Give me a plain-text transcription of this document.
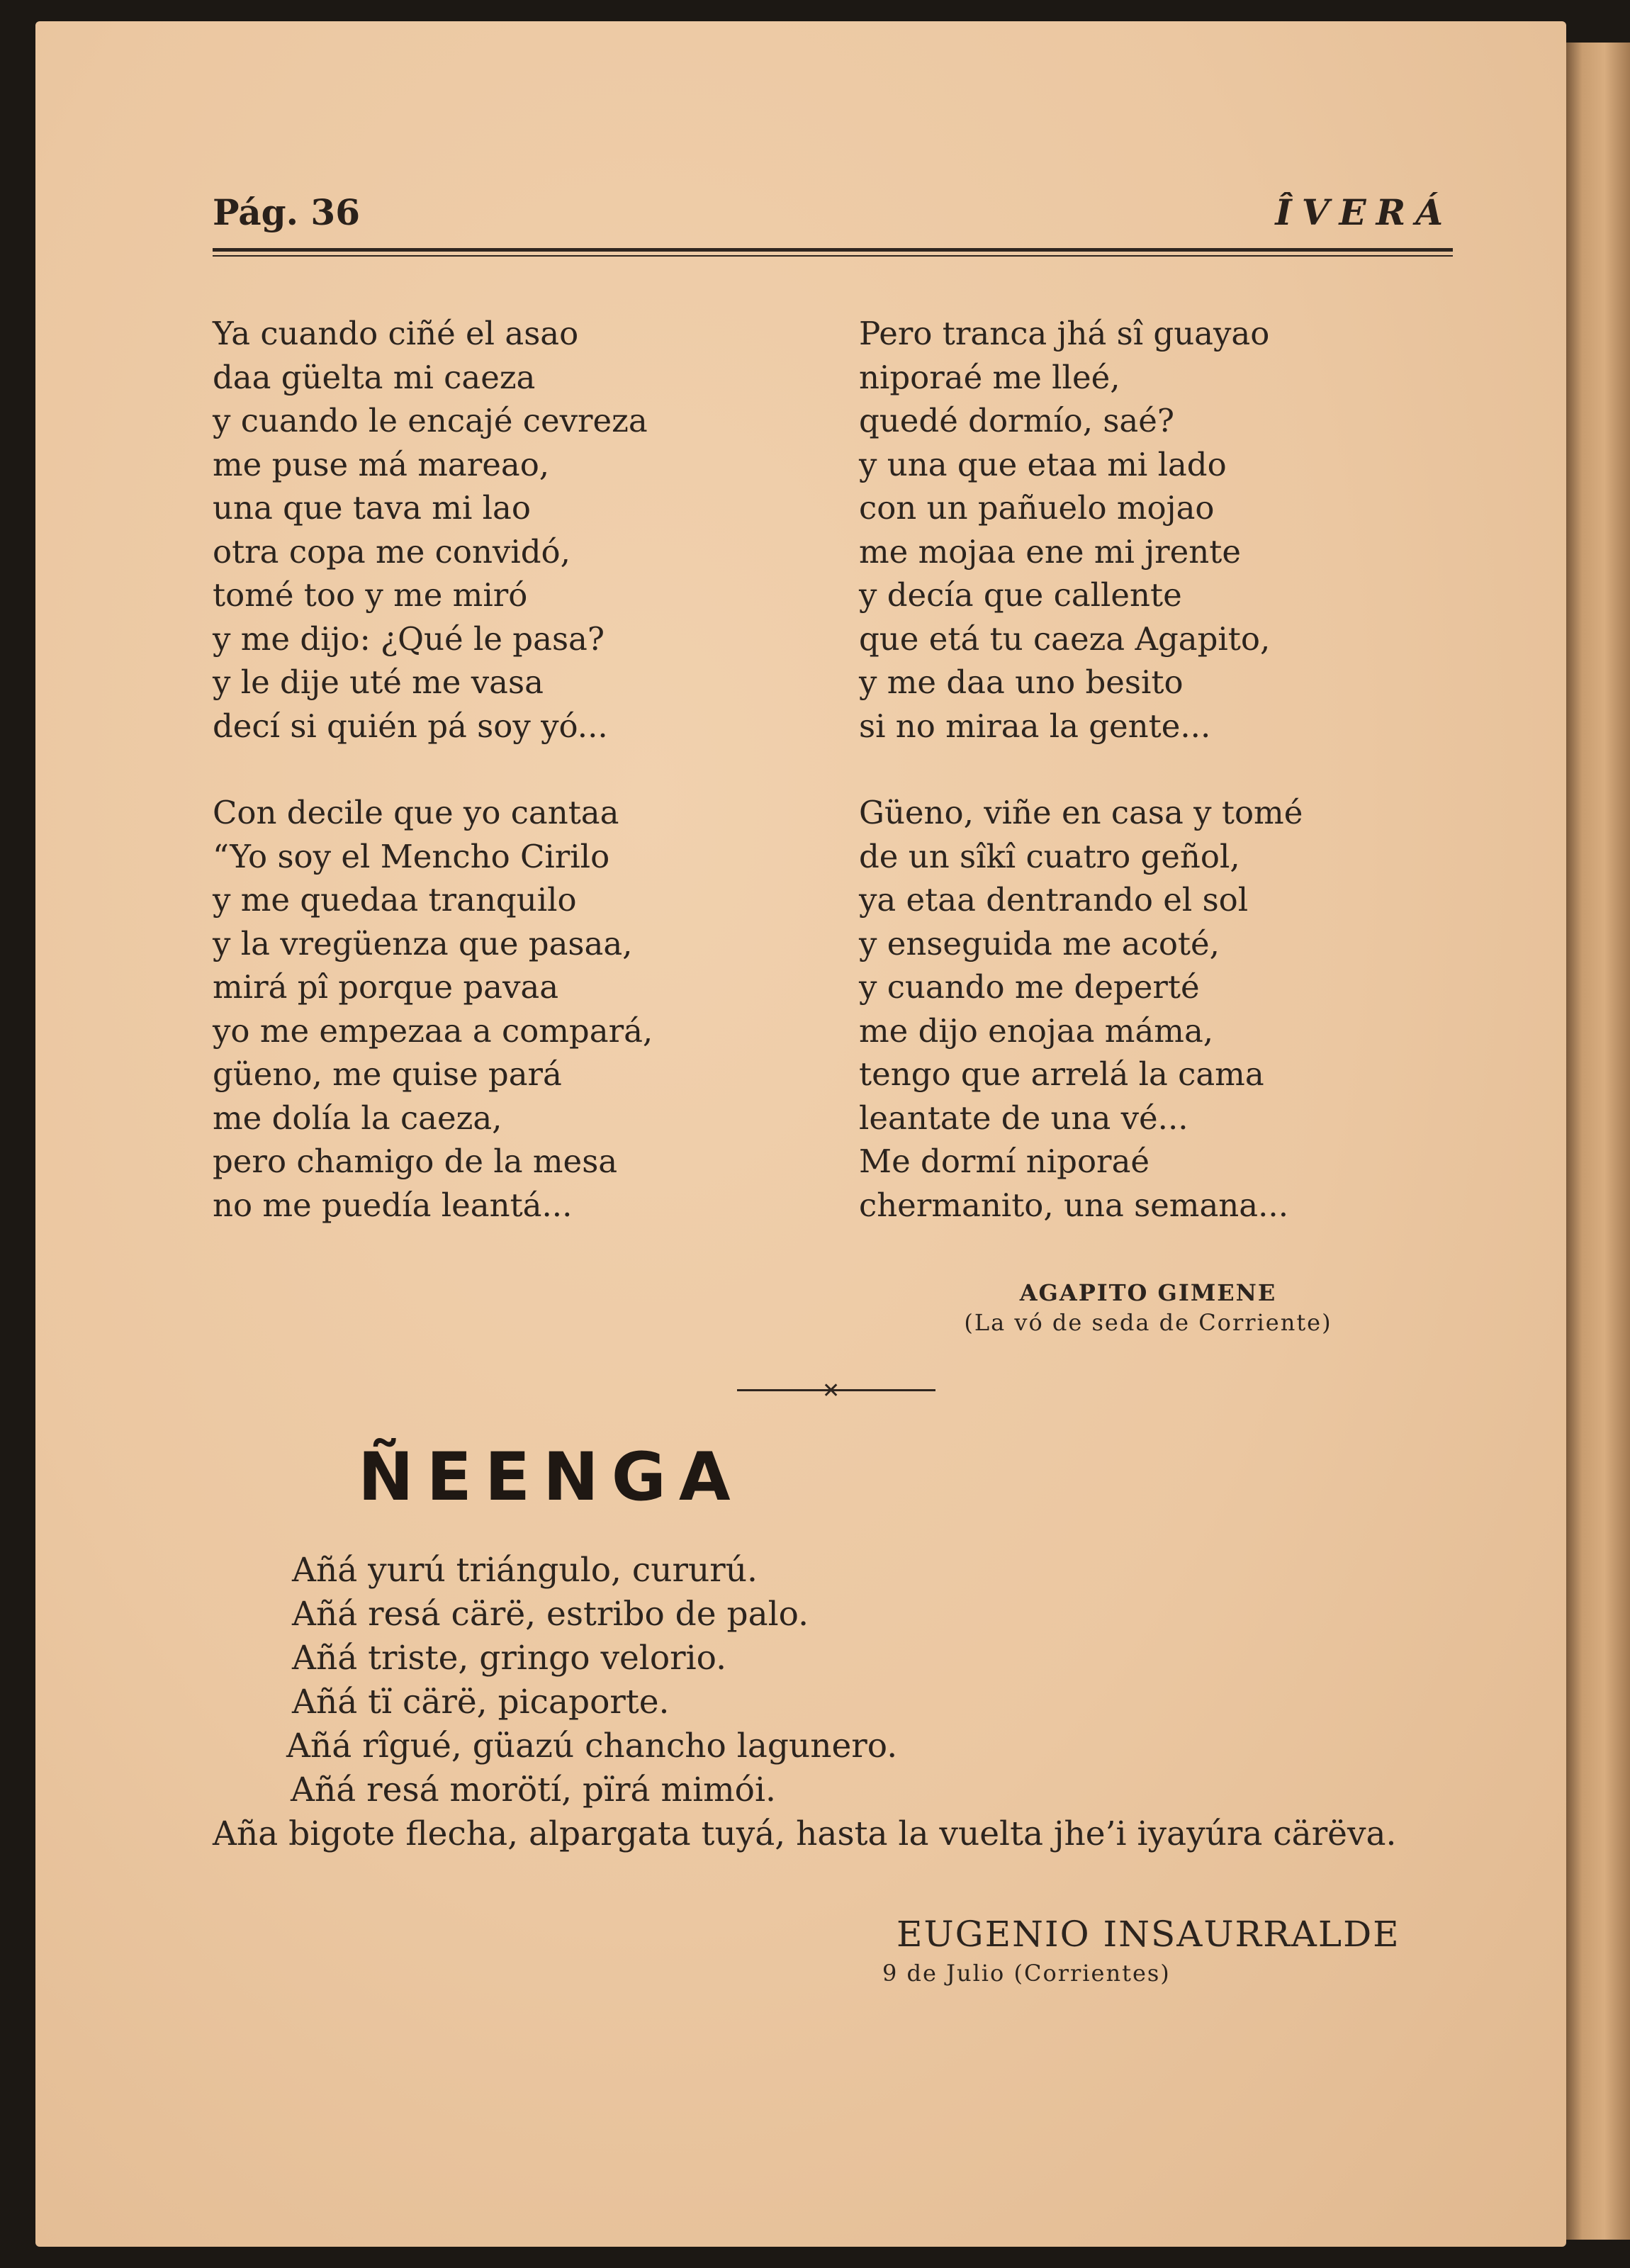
Pág. 36	ÎVERÁ
Ya cuando ciñé el asao
daa güelta mi caeza
y cuando le encajé cevreza
me puse má mareao,
una que tava mi lao
otra copa me convidó,
tomé too y me miró
y me dijo: ¿Qué le pasa?
y le dije uté me vasa
decí si quién pá soy yó...
Con decile que yo cantaa
“Yo soy el Mencho Cirilo
y me quedaa tranquilo
y la vregüenza que pasaa,
mirá pî porque pavaa
yo me empezaa a compará,
güeno, me quise pará
me dolía la caeza,
pero chamigo de la mesa
no me puedía leantá...
Pero tranca jhá sî guayao
niporaé me lleé,
quedé dormío, saé?
y una que etaa mi lado
con un pañuelo mojao
me mojaa ene mi jrente
y decía que callente
que etá tu caeza Agapito,
y me daa uno besito
si no miraa la gente...
Güeno, viñe en casa y tomé
de un sîkî cuatro geñol,
ya etaa dentrando el sol
y enseguida me acoté,
y cuando me deperté
me dijo enojaa máma,
tengo que arrelá la cama
leantate de una vé...
Me dormí niporaé
chermanito, una semana...
AGAPITO GIMENE
(La vó de seda de Corriente)
✕
ÑEENGA
Añá yurú triángulo, cururú.
Añá resá cärë, estribo de palo.
Añá triste, gringo velorio.
Añá tï cärë, picaporte.
Añá rîgué, güazú chancho lagunero.
Añá resá morötí, pïrá mimói.
Aña bigote flecha, alpargata tuyá, hasta la vuelta jhe’i iyayúra cärëva.
EUGENIO INSAURRALDE
9 de Julio (Corrientes)
